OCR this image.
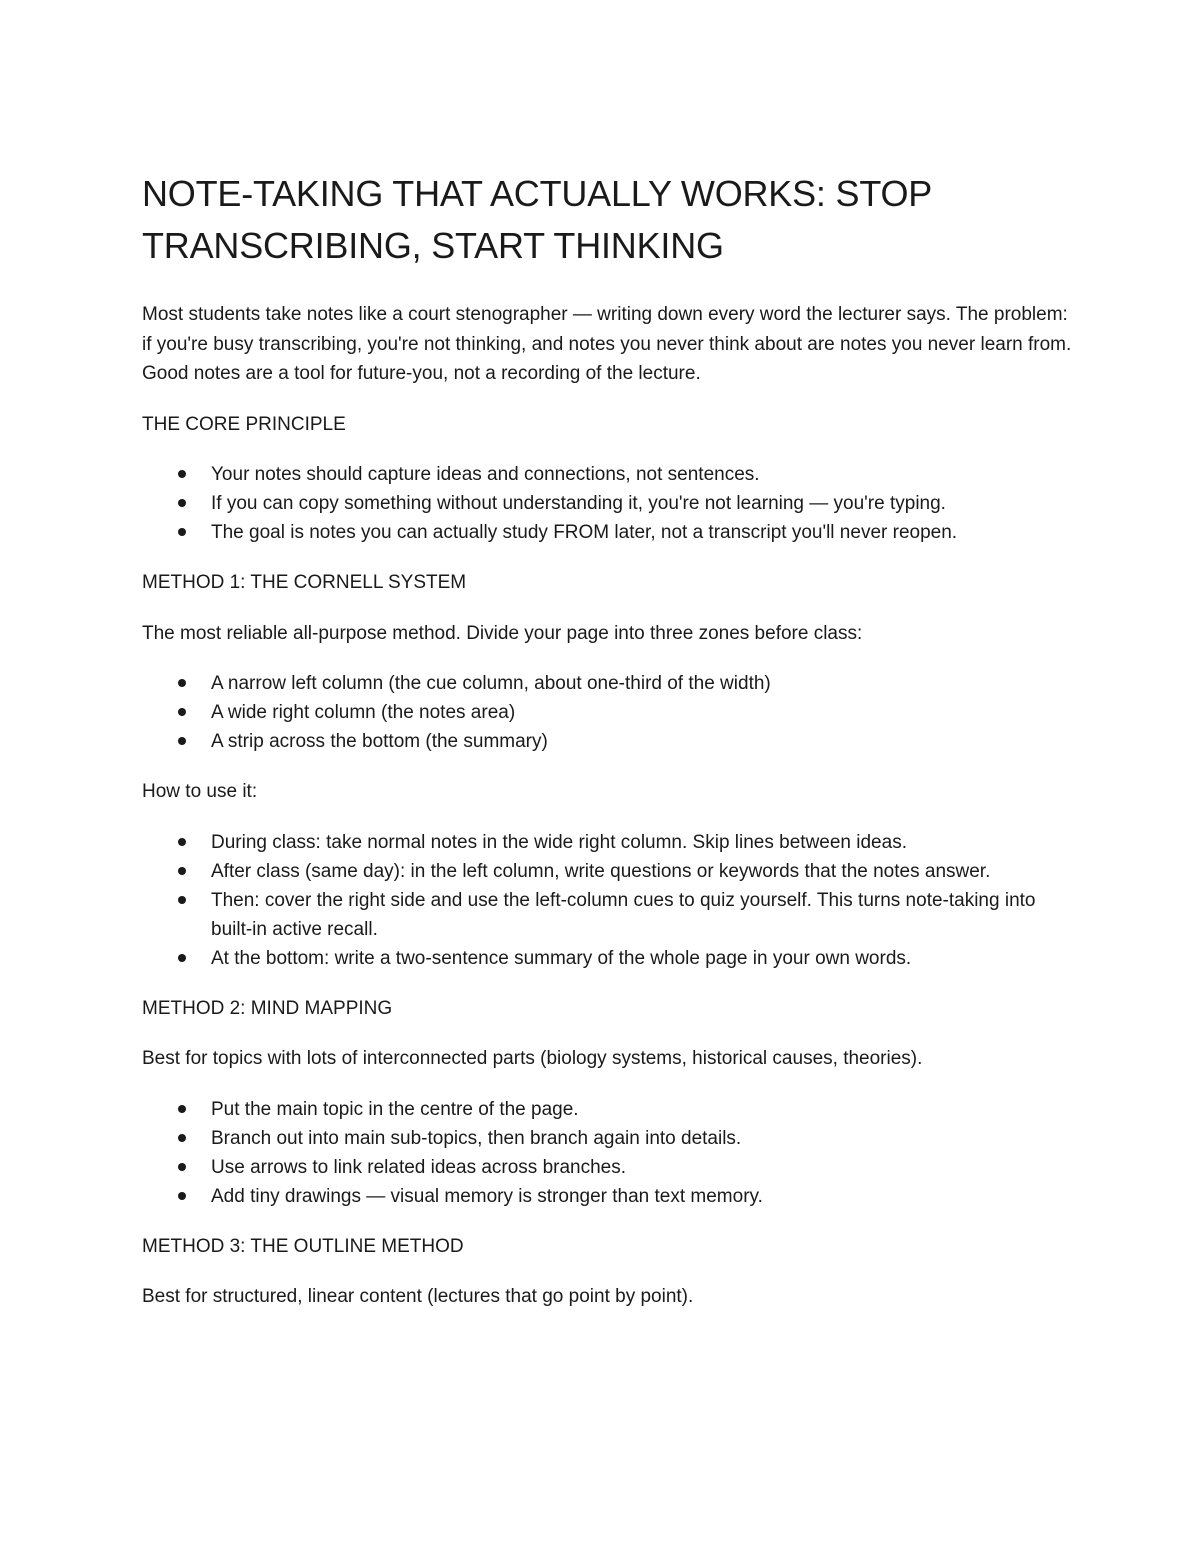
NOTE-TAKING THAT ACTUALLY WORKS: STOP TRANSCRIBING, START THINKING

Most students take notes like a court stenographer — writing down every word the lecturer says. The problem: if you're busy transcribing, you're not thinking, and notes you never think about are notes you never learn from. Good notes are a tool for future-you, not a recording of the lecture.

THE CORE PRINCIPLE
Your notes should capture ideas and connections, not sentences.
If you can copy something without understanding it, you're not learning — you're typing.
The goal is notes you can actually study FROM later, not a transcript you'll never reopen.
METHOD 1: THE CORNELL SYSTEM

The most reliable all-purpose method. Divide your page into three zones before class:

A narrow left column (the cue column, about one-third of the width)
A wide right column (the notes area)
A strip across the bottom (the summary)

How to use it:

During class: take normal notes in the wide right column. Skip lines between ideas.
After class (same day): in the left column, write questions or keywords that the notes answer.
Then: cover the right side and use the left-column cues to quiz yourself. This turns note-taking into built-in active recall.
At the bottom: write a two-sentence summary of the whole page in your own words.
METHOD 2: MIND MAPPING

Best for topics with lots of interconnected parts (biology systems, historical causes, theories).

Put the main topic in the centre of the page.
Branch out into main sub-topics, then branch again into details.
Use arrows to link related ideas across branches.
Add tiny drawings — visual memory is stronger than text memory.
METHOD 3: THE OUTLINE METHOD

Best for structured, linear content (lectures that go point by point).
